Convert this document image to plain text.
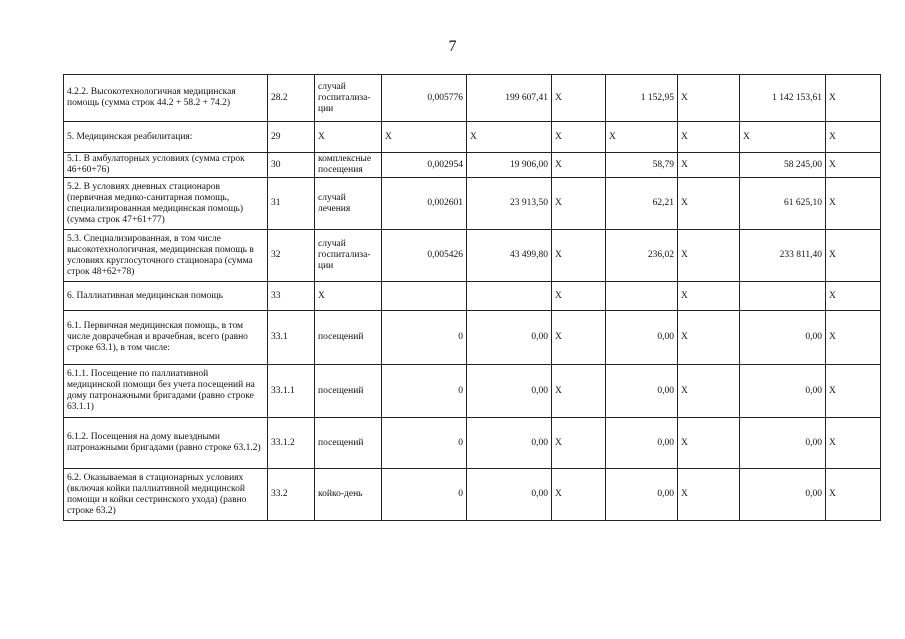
7
4.2.2. Высокотехнологичная медицинская помощь (сумма строк 44.2 + 58.2 + 74.2)	28.2	случай госпитализа-ции	0,005776	199 607,41	Х	1 152,95	Х	1 142 153,61	Х
5. Медицинская реабилитация:	29	Х	Х	Х	Х	Х	Х	Х	Х
5.1. В амбулаторных условиях (сумма строк 46+60+76)	30	комплексные посещения	0,002954	19 906,00	Х	58,79	Х	58 245,00	Х
5.2. В условиях дневных стационаров (первичная медико-санитарная помощь, специализированная медицинская помощь) (сумма строк 47+61+77)	31	случай лечения	0,002601	23 913,50	Х	62,21	Х	61 625,10	Х
5.3. Специализированная, в том числе высокотехнологичная, медицинская помощь в условиях круглосуточного стационара (сумма строк 48+62+78)	32	случай госпитализа-ции	0,005426	43 499,80	Х	236,02	Х	233 811,40	Х
6. Паллиативная медицинская помощь	33	Х			Х		Х		Х
6.1. Первичная медицинская помощь, в том числе доврачебная и врачебная, всего (равно строке 63.1), в том числе:	33.1	посещений	0	0,00	Х	0,00	Х	0,00	Х
6.1.1. Посещение по паллиативной медицинской помощи без учета посещений на дому патронажными бригадами (равно строке 63.1.1)	33.1.1	посещений	0	0,00	Х	0,00	Х	0,00	Х
6.1.2. Посещения на дому выездными патронажными бригадами (равно строке 63.1.2)	33.1.2	посещений	0	0,00	Х	0,00	Х	0,00	Х
6.2. Оказываемая в стационарных условиях (включая койки паллиативной медицинской помощи и койки сестринского ухода) (равно строке 63.2)	33.2	койко-день	0	0,00	Х	0,00	Х	0,00	Х
